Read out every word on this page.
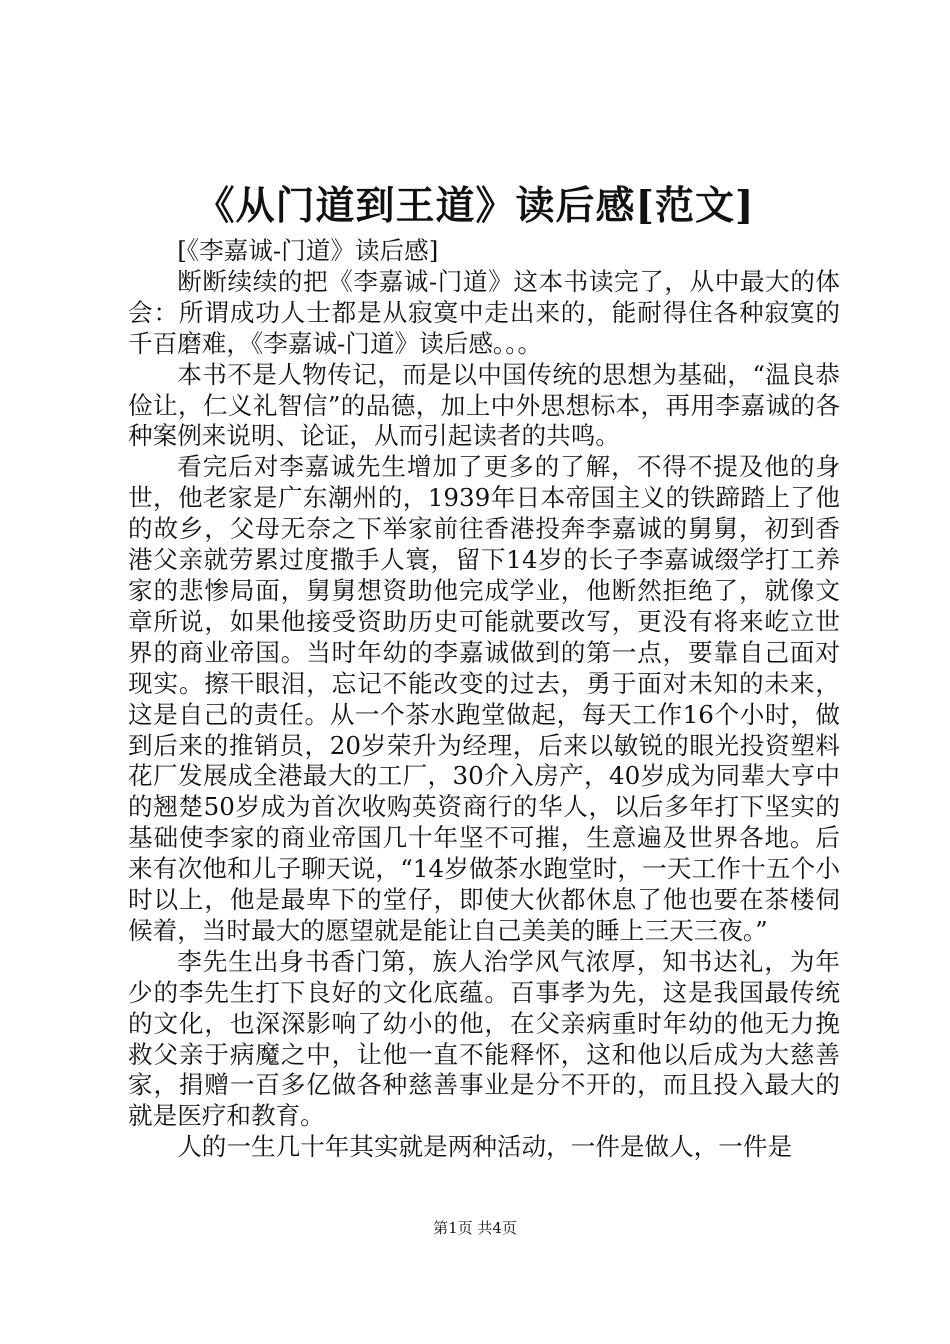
《从门道到王道》读后感[范文]

[《李嘉诚-门道》读后感]

断断续续的把《李嘉诚-门道》这本书读完了，从中最大的体会：所谓成功人士都是从寂寞中走出来的，能耐得住各种寂寞的千百磨难，《李嘉诚-门道》读后感。。。

本书不是人物传记，而是以中国传统的思想为基础，“温良恭俭让，仁义礼智信”的品德，加上中外思想标本，再用李嘉诚的各种案例来说明、论证，从而引起读者的共鸣。

看完后对李嘉诚先生增加了更多的了解，不得不提及他的身世，他老家是广东潮州的，1939年日本帝国主义的铁蹄踏上了他的故乡，父母无奈之下举家前往香港投奔李嘉诚的舅舅，初到香港父亲就劳累过度撒手人寰，留下14岁的长子李嘉诚缀学打工养家的悲惨局面，舅舅想资助他完成学业，他断然拒绝了，就像文章所说，如果他接受资助历史可能就要改写，更没有将来屹立世界的商业帝国。当时年幼的李嘉诚做到的第一点，要靠自己面对现实。擦干眼泪，忘记不能改变的过去，勇于面对未知的未来，这是自己的责任。从一个茶水跑堂做起，每天工作16个小时，做到后来的推销员，20岁荣升为经理，后来以敏锐的眼光投资塑料花厂发展成全港最大的工厂，30介入房产，40岁成为同辈大亨中的翘楚50岁成为首次收购英资商行的华人，以后多年打下坚实的基础使李家的商业帝国几十年坚不可摧，生意遍及世界各地。后来有次他和儿子聊天说，“14岁做茶水跑堂时，一天工作十五个小时以上，他是最卑下的堂仔，即使大伙都休息了他也要在茶楼伺候着，当时最大的愿望就是能让自己美美的睡上三天三夜。”

李先生出身书香门第，族人治学风气浓厚，知书达礼，为年少的李先生打下良好的文化底蕴。百事孝为先，这是我国最传统的文化，也深深影响了幼小的他，在父亲病重时年幼的他无力挽救父亲于病魔之中，让他一直不能释怀，这和他以后成为大慈善家，捐赠一百多亿做各种慈善事业是分不开的，而且投入最大的就是医疗和教育。

人的一生几十年其实就是两种活动，一件是做人，一件是

第1页 共4页
